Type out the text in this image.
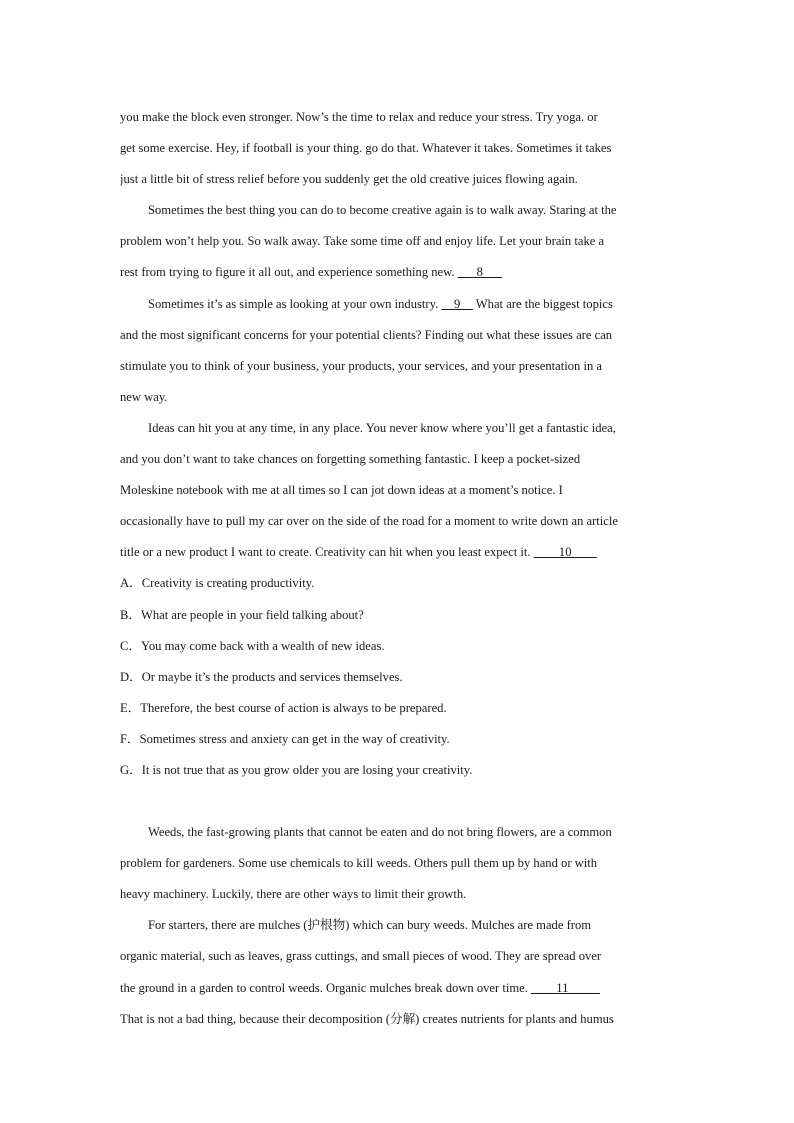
you make the block even stronger. Now’s the time to relax and reduce your stress. Try yoga. or
get some exercise. Hey, if football is your thing. go do that. Whatever it takes. Sometimes it takes
just a little bit of stress relief before you suddenly get the old creative juices flowing again.
Sometimes the best thing you can do to become creative again is to walk away. Staring at the
problem won’t help you. So walk away. Take some time off and enjoy life. Let your brain take a
rest from trying to figure it all out, and experience something new. ___8___
Sometimes it’s as simple as looking at your own industry. __9__ What are the biggest topics
and the most significant concerns for your potential clients? Finding out what these issues are can
stimulate you to think of your business, your products, your services, and your presentation in a
new way.
Ideas can hit you at any time, in any place. You never know where you’ll get a fantastic idea,
and you don’t want to take chances on forgetting something fantastic. I keep a pocket-sized
Moleskine notebook with me at all times so I can jot down ideas at a moment’s notice. I
occasionally have to pull my car over on the side of the road for a moment to write down an article
title or a new product I want to create. Creativity can hit when you least expect it. ____10____
A．Creativity is creating productivity.
B．What are people in your field talking about?
C．You may come back with a wealth of new ideas.
D．Or maybe it’s the products and services themselves.
E．Therefore, the best course of action is always to be prepared.
F．Sometimes stress and anxiety can get in the way of creativity.
G．It is not true that as you grow older you are losing your creativity.
Weeds, the fast-growing plants that cannot be eaten and do not bring flowers, are a common
problem for gardeners. Some use chemicals to kill weeds. Others pull them up by hand or with
heavy machinery. Luckily, there are other ways to limit their growth.
For starters, there are mulches (护根物) which can bury weeds. Mulches are made from
organic material, such as leaves, grass cuttings, and small pieces of wood. They are spread over
the ground in a garden to control weeds. Organic mulches break down over time. ____11_____
That is not a bad thing, because their decomposition (分解) creates nutrients for plants and humus
